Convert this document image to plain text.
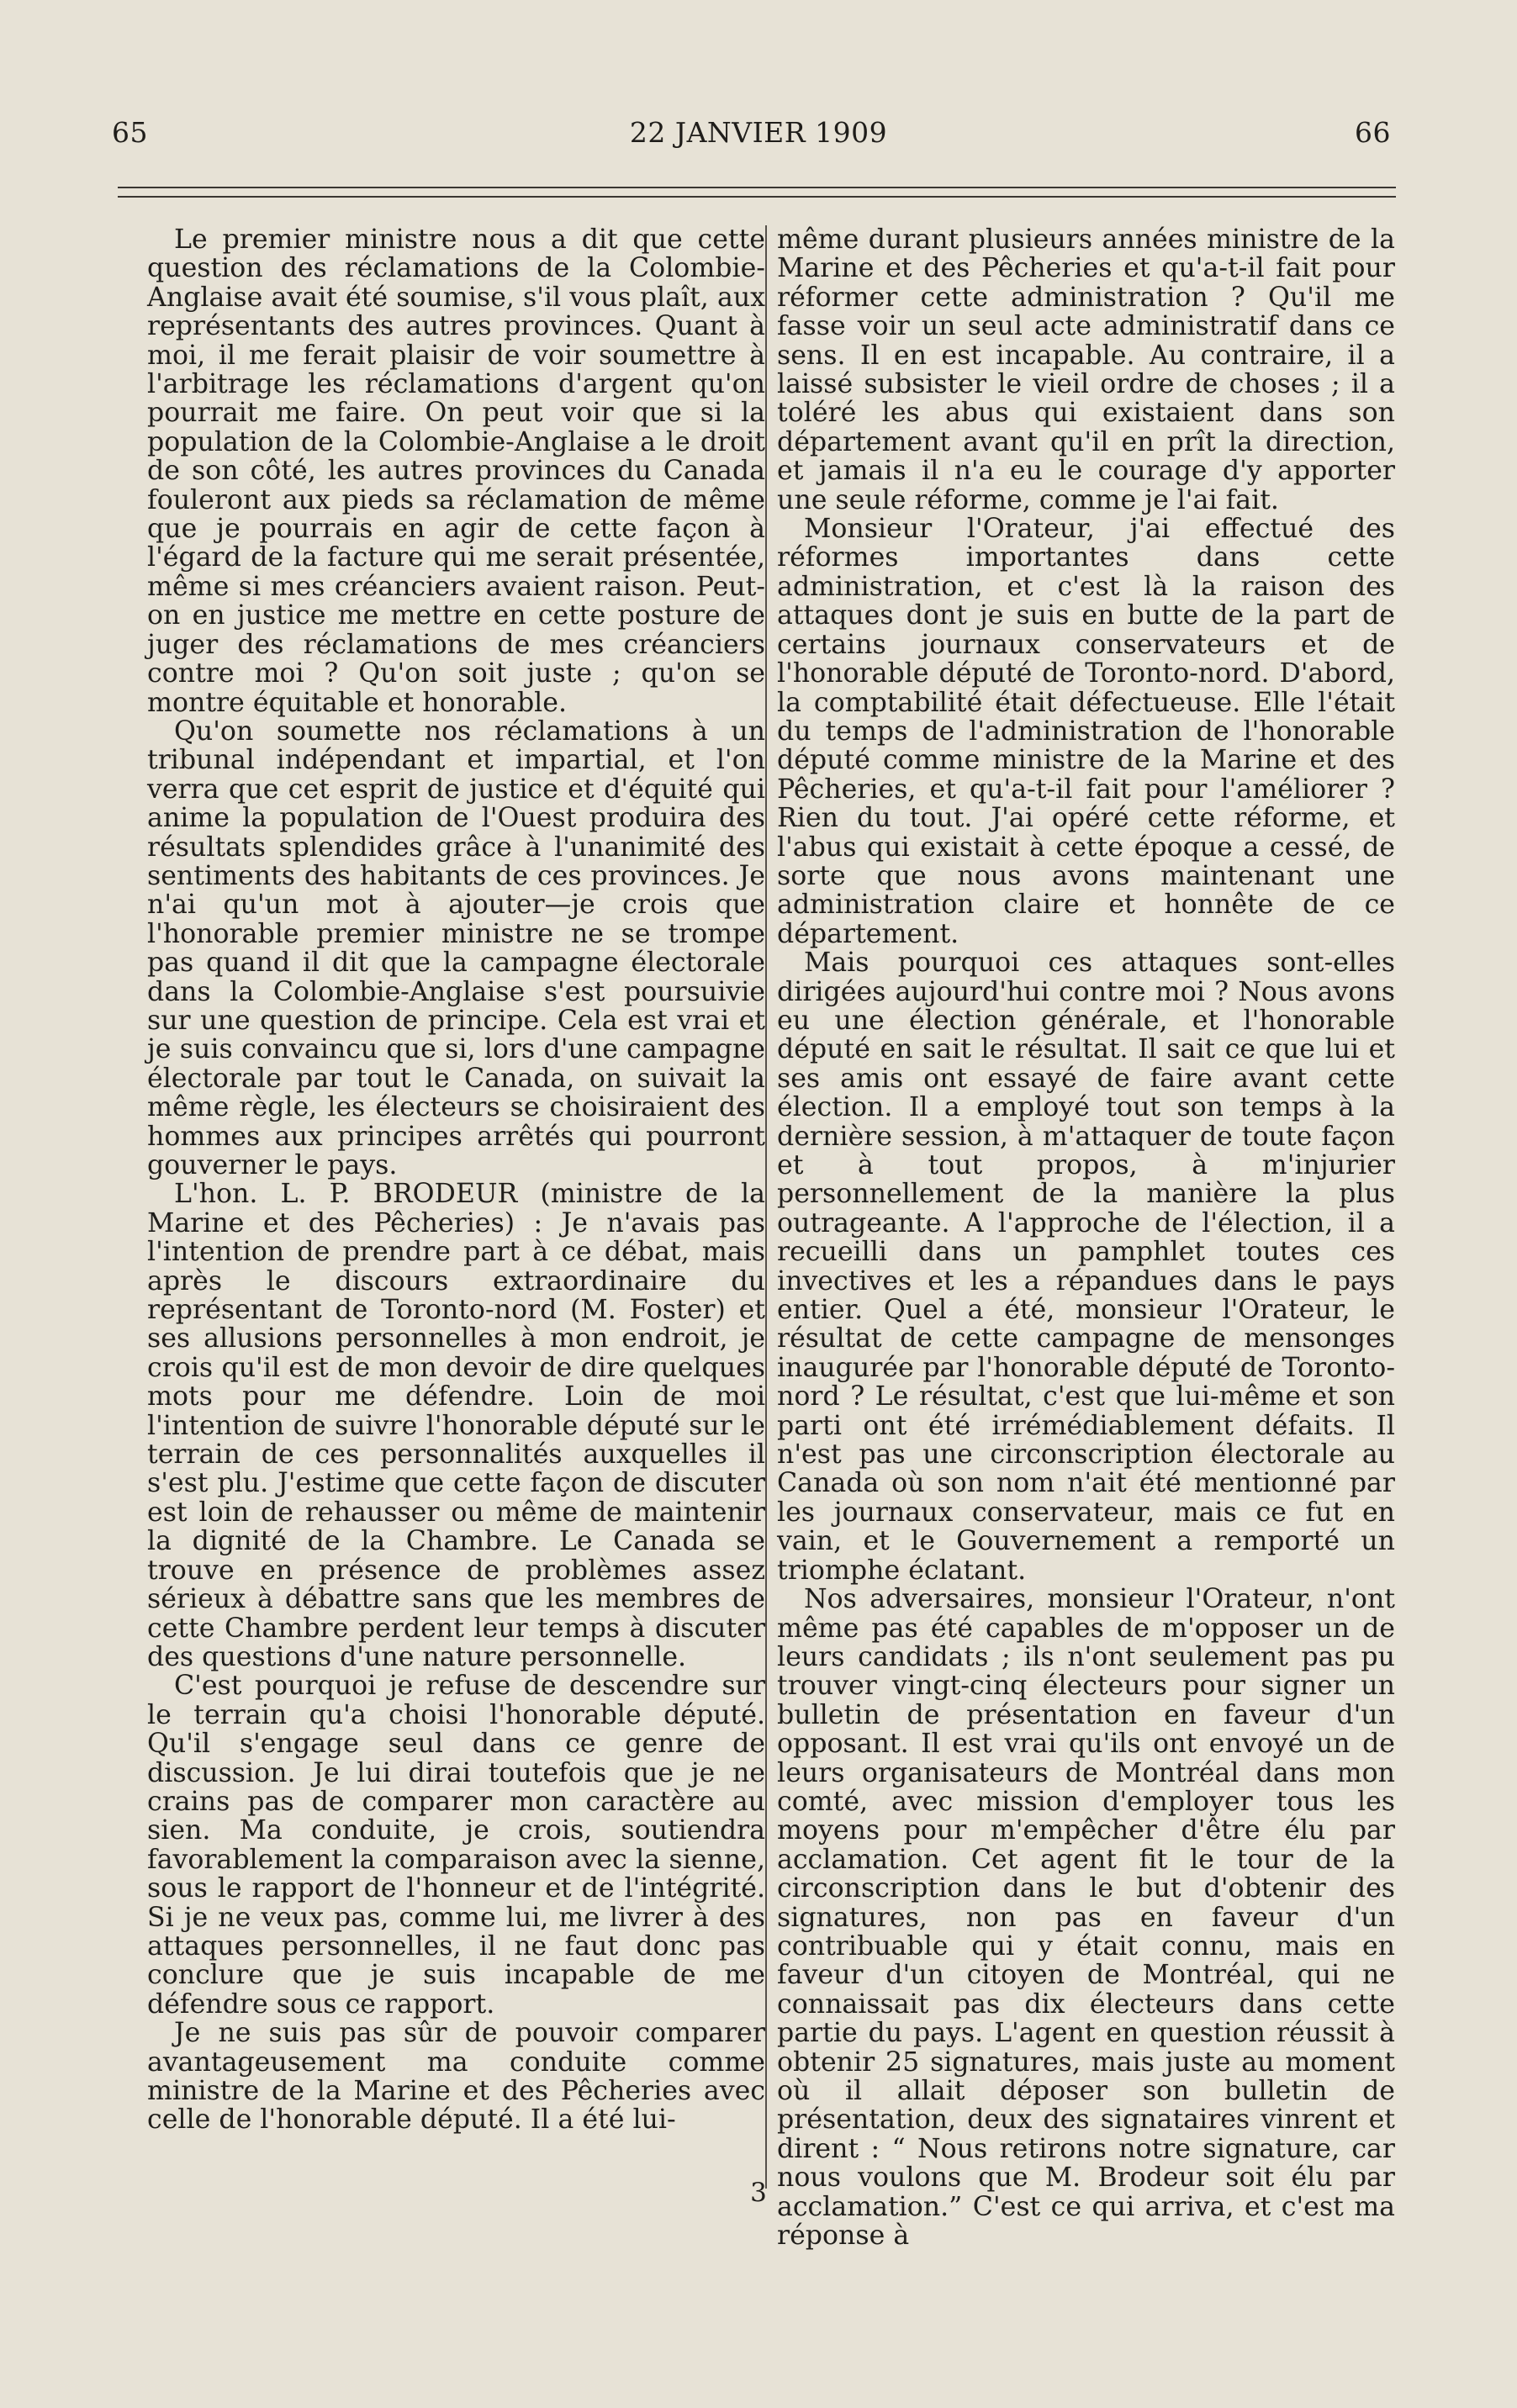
65	22 JANVIER 1909	66

Le premier ministre nous a dit que cette question des réclamations de la Colombie-Anglaise avait été soumise, s'il vous plaît, aux représentants des autres provinces. Quant à moi, il me ferait plaisir de voir soumettre à l'arbitrage les réclamations d'argent qu'on pourrait me faire. On peut voir que si la population de la Colombie-Anglaise a le droit de son côté, les autres provinces du Canada fouleront aux pieds sa réclamation de même que je pourrais en agir de cette façon à l'égard de la facture qui me serait présentée, même si mes créanciers avaient raison. Peut-on en justice me mettre en cette posture de juger des réclamations de mes créanciers contre moi ? Qu'on soit juste ; qu'on se montre équitable et honorable.

Qu'on soumette nos réclamations à un tribunal indépendant et impartial, et l'on verra que cet esprit de justice et d'équité qui anime la population de l'Ouest produira des résultats splendides grâce à l'unanimité des sentiments des habitants de ces provinces. Je n'ai qu'un mot à ajouter—je crois que l'honorable premier ministre ne se trompe pas quand il dit que la campagne électorale dans la Colombie-Anglaise s'est poursuivie sur une question de principe. Cela est vrai et je suis convaincu que si, lors d'une campagne électorale par tout le Canada, on suivait la même règle, les électeurs se choisiraient des hommes aux principes arrêtés qui pourront gouverner le pays.

L'hon. L. P. BRODEUR (ministre de la Marine et des Pêcheries) : Je n'avais pas l'intention de prendre part à ce débat, mais après le discours extraordinaire du représentant de Toronto-nord (M. Foster) et ses allusions personnelles à mon endroit, je crois qu'il est de mon devoir de dire quelques mots pour me défendre. Loin de moi l'intention de suivre l'honorable député sur le terrain de ces personnalités auxquelles il s'est plu. J'estime que cette façon de discuter est loin de rehausser ou même de maintenir la dignité de la Chambre. Le Canada se trouve en présence de problèmes assez sérieux à débattre sans que les membres de cette Chambre perdent leur temps à discuter des questions d'une nature personnelle.

C'est pourquoi je refuse de descendre sur le terrain qu'a choisi l'honorable député. Qu'il s'engage seul dans ce genre de discussion. Je lui dirai toutefois que je ne crains pas de comparer mon caractère au sien. Ma conduite, je crois, soutiendra favorablement la comparaison avec la sienne, sous le rapport de l'honneur et de l'intégrité. Si je ne veux pas, comme lui, me livrer à des attaques personnelles, il ne faut donc pas conclure que je suis incapable de me défendre sous ce rapport.

Je ne suis pas sûr de pouvoir comparer avantageusement ma conduite comme ministre de la Marine et des Pêcheries avec celle de l'honorable député. Il a été lui-

même durant plusieurs années ministre de la Marine et des Pêcheries et qu'a-t-il fait pour réformer cette administration ? Qu'il me fasse voir un seul acte administratif dans ce sens. Il en est incapable. Au contraire, il a laissé subsister le vieil ordre de choses ; il a toléré les abus qui existaient dans son département avant qu'il en prît la direction, et jamais il n'a eu le courage d'y apporter une seule réforme, comme je l'ai fait.

Monsieur l'Orateur, j'ai effectué des réformes importantes dans cette administration, et c'est là la raison des attaques dont je suis en butte de la part de certains journaux conservateurs et de l'honorable député de Toronto-nord. D'abord, la comptabilité était défectueuse. Elle l'était du temps de l'administration de l'honorable député comme ministre de la Marine et des Pêcheries, et qu'a-t-il fait pour l'améliorer ? Rien du tout. J'ai opéré cette réforme, et l'abus qui existait à cette époque a cessé, de sorte que nous avons maintenant une administration claire et honnête de ce département.

Mais pourquoi ces attaques sont-elles dirigées aujourd'hui contre moi ? Nous avons eu une élection générale, et l'honorable député en sait le résultat. Il sait ce que lui et ses amis ont essayé de faire avant cette élection. Il a employé tout son temps à la dernière session, à m'attaquer de toute façon et à tout propos, à m'injurier personnellement de la manière la plus outrageante. A l'approche de l'élection, il a recueilli dans un pamphlet toutes ces invectives et les a répandues dans le pays entier. Quel a été, monsieur l'Orateur, le résultat de cette campagne de mensonges inaugurée par l'honorable député de Toronto-nord ? Le résultat, c'est que lui-même et son parti ont été irrémédiablement défaits. Il n'est pas une circonscription électorale au Canada où son nom n'ait été mentionné par les journaux conservateur, mais ce fut en vain, et le Gouvernement a remporté un triomphe éclatant.

Nos adversaires, monsieur l'Orateur, n'ont même pas été capables de m'opposer un de leurs candidats ; ils n'ont seulement pas pu trouver vingt-cinq électeurs pour signer un bulletin de présentation en faveur d'un opposant. Il est vrai qu'ils ont envoyé un de leurs organisateurs de Montréal dans mon comté, avec mission d'employer tous les moyens pour m'empêcher d'être élu par acclamation. Cet agent fit le tour de la circonscription dans le but d'obtenir des signatures, non pas en faveur d'un contribuable qui y était connu, mais en faveur d'un citoyen de Montréal, qui ne connaissait pas dix électeurs dans cette partie du pays. L'agent en question réussit à obtenir 25 signatures, mais juste au moment où il allait déposer son bulletin de présentation, deux des signataires vinrent et dirent : “ Nous retirons notre signature, car nous voulons que M. Brodeur soit élu par acclamation.” C'est ce qui arriva, et c'est ma réponse à

3
